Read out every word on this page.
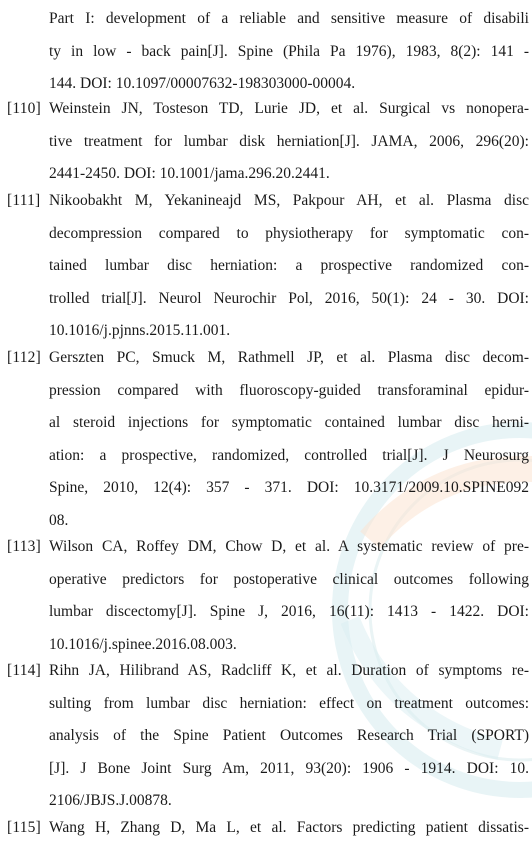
Part I: development of a reliable and sensitive measure of disabili
ty in low - back pain[J]. Spine (Phila Pa 1976), 1983, 8(2): 141 -
144. DOI: 10.1097/00007632-198303000-00004.
[110] Weinstein JN, Tosteson TD, Lurie JD, et al. Surgical vs nonopera-
tive treatment for lumbar disk herniation[J]. JAMA, 2006, 296(20):
2441-2450. DOI: 10.1001/jama.296.20.2441.
[111] Nikoobakht M, Yekanineajd MS, Pakpour AH, et al. Plasma disc
decompression compared to physiotherapy for symptomatic con-
tained lumbar disc herniation: a prospective randomized con-
trolled trial[J]. Neurol Neurochir Pol, 2016, 50(1): 24 - 30. DOI:
10.1016/j.pjnns.2015.11.001.
[112] Gerszten PC, Smuck M, Rathmell JP, et al. Plasma disc decom-
pression compared with fluoroscopy-guided transforaminal epidur-
al steroid injections for symptomatic contained lumbar disc herni-
ation: a prospective, randomized, controlled trial[J]. J Neurosurg
Spine, 2010, 12(4): 357 - 371. DOI: 10.3171/2009.10.SPINE092
08.
[113] Wilson CA, Roffey DM, Chow D, et al. A systematic review of pre-
operative predictors for postoperative clinical outcomes following
lumbar discectomy[J]. Spine J, 2016, 16(11): 1413 - 1422. DOI:
10.1016/j.spinee.2016.08.003.
[114] Rihn JA, Hilibrand AS, Radcliff K, et al. Duration of symptoms re-
sulting from lumbar disc herniation: effect on treatment outcomes:
analysis of the Spine Patient Outcomes Research Trial (SPORT)
[J]. J Bone Joint Surg Am, 2011, 93(20): 1906 - 1914. DOI: 10.
2106/JBJS.J.00878.
[115] Wang H, Zhang D, Ma L, et al. Factors predicting patient dissatis-
